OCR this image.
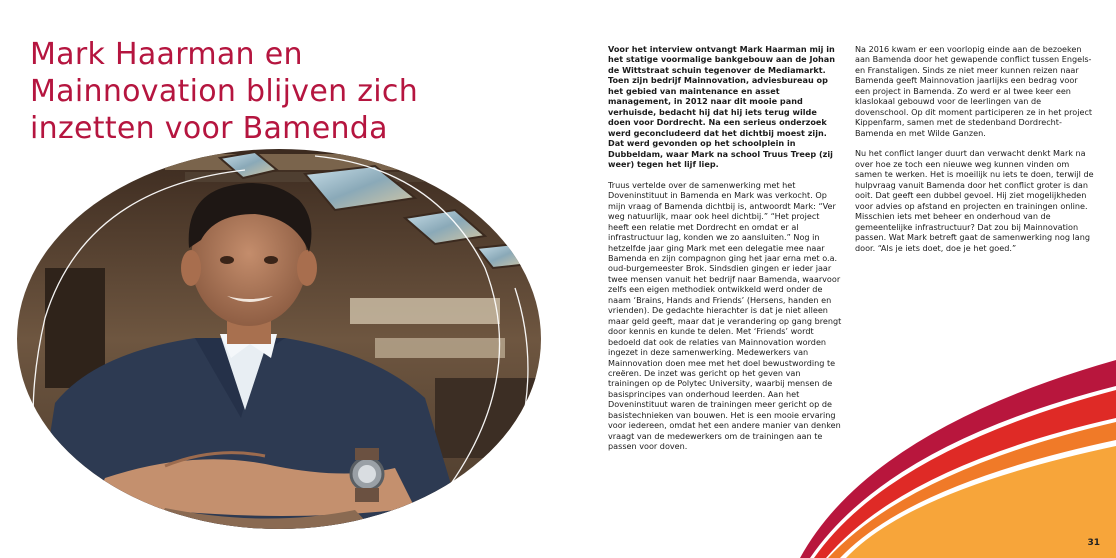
Mark Haarman en Mainnovation blijven zich inzetten voor Bamenda

Voor het interview ontvangt Mark Haarman mij in het statige voormalige bankgebouw aan de Johan de Wittstraat schuin tegenover de Mediamarkt. Toen zijn bedrijf Mainnovation, adviesbureau op het gebied van maintenance en asset management, in 2012 naar dit mooie pand verhuisde, bedacht hij dat hij iets terug wilde doen voor Dordrecht. Na een serieus onderzoek werd geconcludeerd dat het dichtbij moest zijn. Dat werd gevonden op het schoolplein in Dubbeldam, waar Mark na school Truus Treep (zij weer) tegen het lijf liep.

Truus vertelde over de samenwerking met het Doveninstituut in Bamenda en Mark was verkocht. Op mijn vraag of Bamenda dichtbij is, antwoordt Mark: “Ver weg natuurlijk, maar ook heel dichtbij.” “Het project heeft een relatie met Dordrecht en omdat er al infrastructuur lag, konden we zo aansluiten.” Nog in hetzelfde jaar ging Mark met een delegatie mee naar Bamenda en zijn compagnon ging het jaar erna met o.a. oud-burgemeester Brok. Sindsdien gingen er ieder jaar twee mensen vanuit het bedrijf naar Bamenda, waarvoor zelfs een eigen methodiek ontwikkeld werd onder de naam ‘Brains, Hands and Friends’ (Hersens, handen en vrienden). De gedachte hierachter is dat je niet alleen maar geld geeft, maar dat je verandering op gang brengt door kennis en kunde te delen. Met ‘Friends’ wordt bedoeld dat ook de relaties van Mainnovation worden ingezet in deze samenwerking. Medewerkers van Mainnovation doen mee met het doel bewustwording te creëren. De inzet was gericht op het geven van trainingen op de Polytec University, waarbij mensen de basisprincipes van onderhoud leerden. Aan het Doveninstituut waren de trainingen meer gericht op de basistechnieken van bouwen. Het is een mooie ervaring voor iedereen, omdat het een andere manier van denken vraagt van de medewerkers om de trainingen aan te passen voor doven.

Na 2016 kwam er een voorlopig einde aan de bezoeken aan Bamenda door het gewapende conflict tussen Engels- en Franstaligen. Sinds ze niet meer kunnen reizen naar Bamenda geeft Mainnovation jaarlijks een bedrag voor een project in Bamenda. Zo werd er al twee keer een klaslokaal gebouwd voor de leerlingen van de dovenschool. Op dit moment participeren ze in het project Kippenfarm, samen met de stedenband Dordrecht-Bamenda en met Wilde Ganzen.

Nu het conflict langer duurt dan verwacht denkt Mark na over hoe ze toch een nieuwe weg kunnen vinden om samen te werken. Het is moeilijk nu iets te doen, terwijl de hulpvraag vanuit Bamenda door het conflict groter is dan ooit. Dat geeft een dubbel gevoel. Hij ziet mogelijkheden voor advies op afstand en projecten en trainingen online. Misschien iets met beheer en onderhoud van de gemeentelijke infrastructuur? Dat zou bij Mainnovation passen. Wat Mark betreft gaat de samenwerking nog lang door. “Als je iets doet, doe je het goed.”

31
